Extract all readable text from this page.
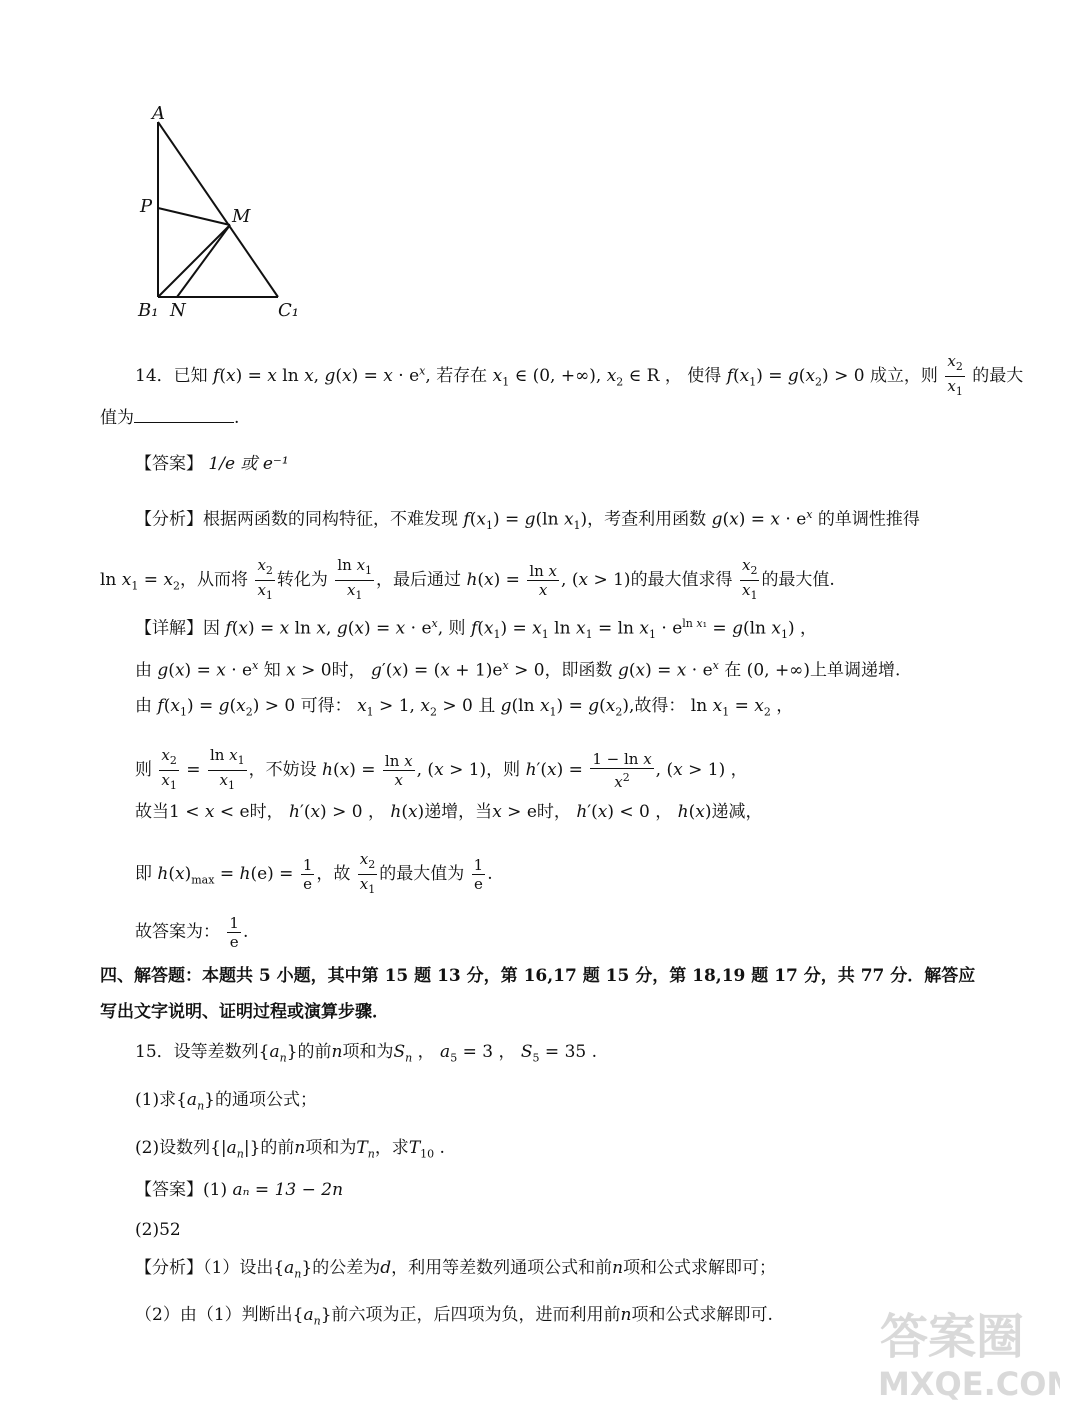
A
P	M
B₁ N	C₁
14．已知 f(x) = x ln x, $g(x) = x \cdot e^x$, 若存在 $x_1$ ∈ (0, +∞), $x_2$ ∈ R ， 使得 $f(x_1) = g(x_2) > 0$ 成立，则 $\frac{x_2}{x_1}$ 的最大
值为	.
【答案】 1/e 或 e⁻¹
【分析】根据两函数的同构特征，不难发现 $f(x_1) = g(\ln$ $x_1$)，考查利用函数 $g(x) = x \cdot e^x$ 的单调性推得
$\ln x_1 = x_2$，从而将 $\frac{x_2}{x_1}$ 转化为 $\frac{\ln x_1}{x_1}$ ，最后通过 $h(x) = \frac{\text{ln x}}{x}$ , (x > 1)的最大值求得 $\frac{x_2}{x_1}$ 的最大值.
【详解】因 f(x) = x ln x, $g(x) = x \cdot e^x$, 则 $f(x_1) = x_1$ $\ln x_1 = \ln x_1 \cdot e^{ln x_1} = g(\ln$ $x_1$) ，
由 $g(x) = x \cdot e^x$ 知 x > 0时， $g'(x) = (x + 1)e^x > 0$，即函数 $g(x) = x \cdot e^x$ 在 (0, +∞)上单调递增.
由 $f(x_1) = g(x_2) > 0$ 可得： $x_1 > 1$, $x_2 > 0$ 且 g(ln $x_1) = g(x_2)$,故得： $\ln x_1 = x_2$ ，
则 $\frac{x_2}{x_1} = \frac{\ln x_1}{x_1}$ ，不妨设 $h(x) = \frac{\text{ln x}}{x}$ , (x > 1)，则 $h'(x) = \frac{\text{1 − ln x}}{x^2}$ , (x > 1) ，
故当1 < x < e时， h′(x) > 0 ， h(x)递增，当x > e时， h′(x) < 0 ， h(x)递减，
即 $h(x)_{max} = h(e) = \frac{1}{e}$ ，故 $\frac{x_2}{x_1}$ 的最大值为 $\frac{1}{e}$ .
故答案为： $\frac{1}{e}$ .
四、解答题：本题共 5 小题，其中第 15 题 13 分，第 16,17 题 15 分，第 18,19 题 17 分，共 77 分．解答应
写出文字说明、证明过程或演算步骤．
15．设等差数列$\{a_n\}$的前n项和为$S_n$ ， $a_5 = 3$ ， $S_5 = 35$ .
(1)求$\{a_n\}$的通项公式；
(2)设数列$\{|a_n|\}$的前n项和为$T_n$，求$T_{10}$ .
【答案】(1) aₙ = 13 − 2n
(2)52
【分析】（1）设出$\{a_n\}$的公差为d，利用等差数列通项公式和前n项和公式求解即可；
（2）由（1）判断出$\{a_n\}$前六项为正，后四项为负，进而利用前n项和公式求解即可. 答案圈
MXQE.COM
